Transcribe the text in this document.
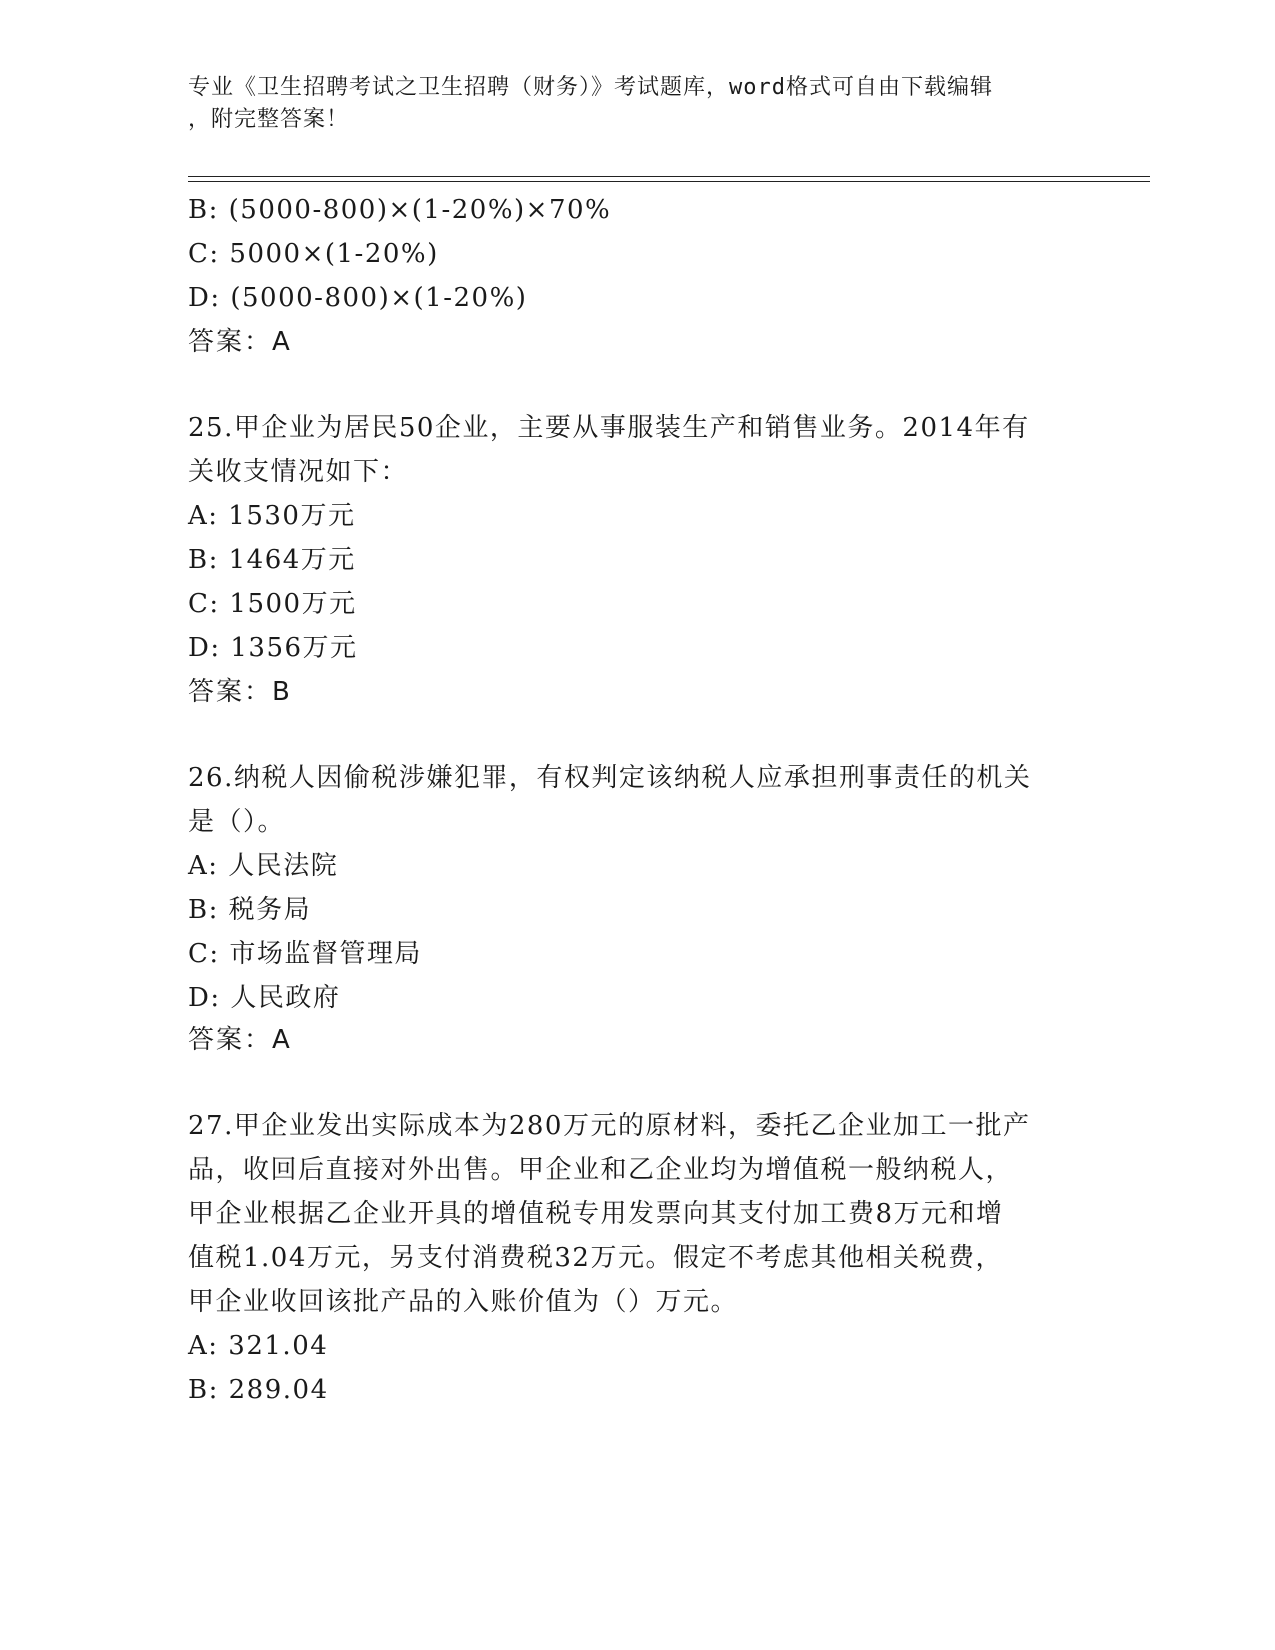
专业《卫生招聘考试之卫生招聘（财务）》考试题库，word格式可自由下载编辑
，附完整答案！
B: (5000-800)×(1-20%)×70%
C: 5000×(1-20%)
D: (5000-800)×(1-20%)
答案：A
25.甲企业为居民50企业，主要从事服装生产和销售业务。2014年有
关收支情况如下：
A: 1530万元
B: 1464万元
C: 1500万元
D: 1356万元
答案：B
26.纳税人因偷税涉嫌犯罪，有权判定该纳税人应承担刑事责任的机关
是（）。
A: 人民法院
B: 税务局
C: 市场监督管理局
D: 人民政府
答案：A
27.甲企业发出实际成本为280万元的原材料，委托乙企业加工一批产
品，收回后直接对外出售。甲企业和乙企业均为增值税一般纳税人，
甲企业根据乙企业开具的增值税专用发票向其支付加工费8万元和增
值税1.04万元，另支付消费税32万元。假定不考虑其他相关税费，
甲企业收回该批产品的入账价值为（）万元。
A: 321.04
B: 289.04
